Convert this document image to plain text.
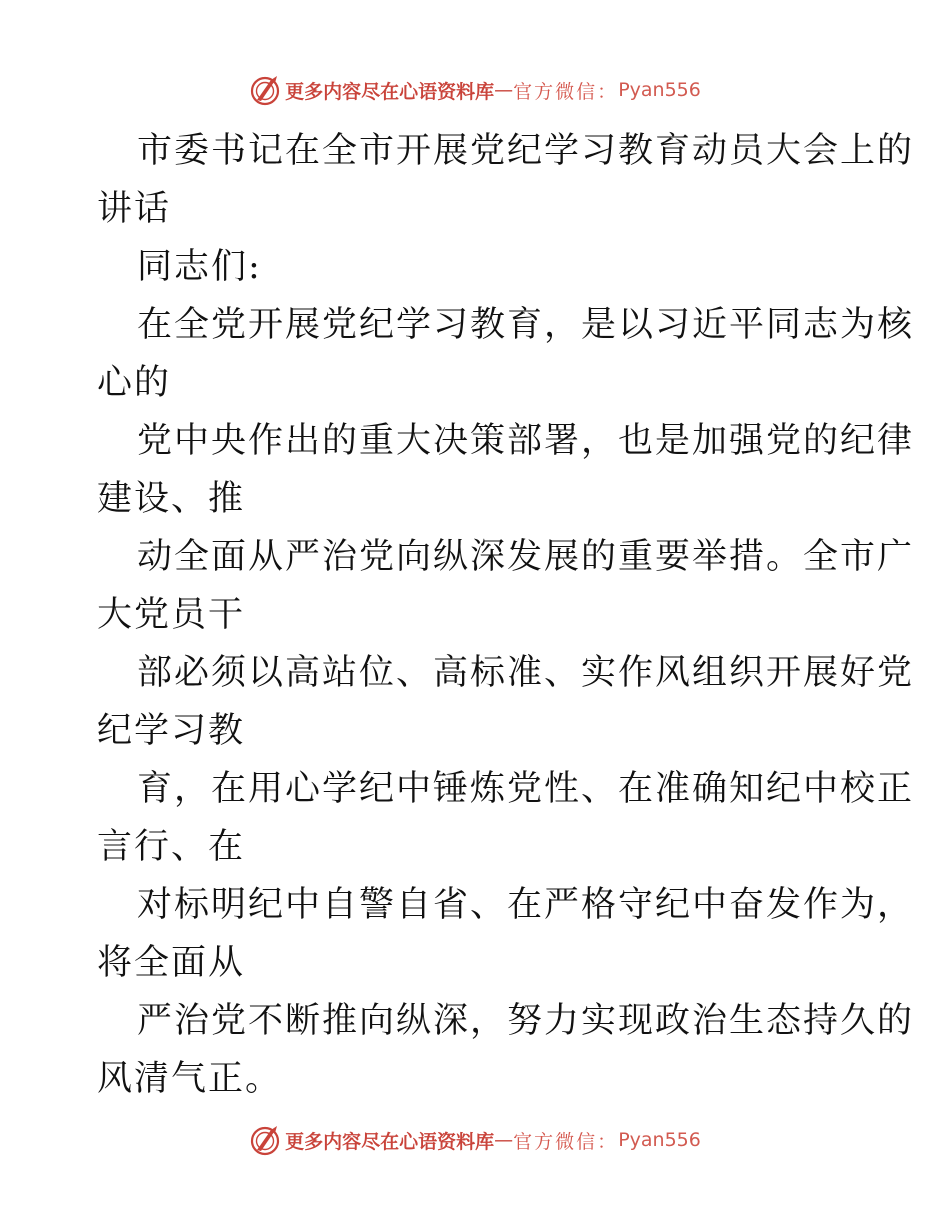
更多内容尽在心语资料库 — 官方微信： Pyan556
市委书记在全市开展党纪学习教育动员大会上的
讲话
同志们:
在全党开展党纪学习教育，是以习近平同志为核
心的
党中央作出的重大决策部署，也是加强党的纪律
建设、推
动全面从严治党向纵深发展的重要举措。全市广
大党员干
部必须以高站位、高标准、实作风组织开展好党
纪学习教
育，在用心学纪中锤炼党性、在准确知纪中校正
言行、在
对标明纪中自警自省、在严格守纪中奋发作为，
将全面从
严治党不断推向纵深，努力实现政治生态持久的
风清气正。
更多内容尽在心语资料库 — 官方微信： Pyan556
